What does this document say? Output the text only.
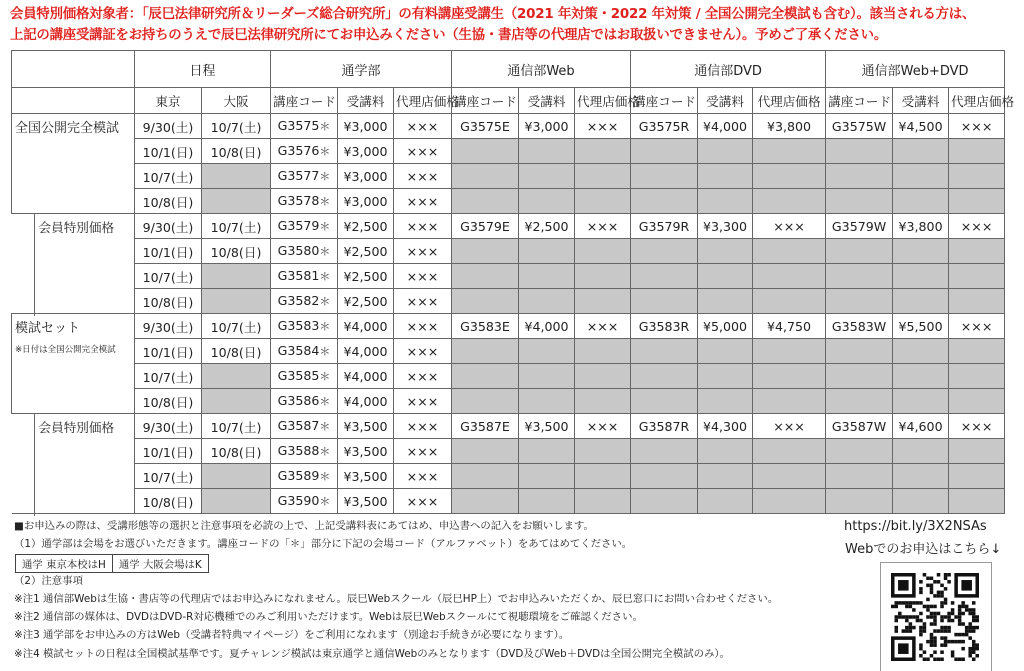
会員特別価格対象者：「辰巳法律研究所＆リーダーズ総合研究所」の有料講座受講生（2021 年対策・2022 年対策 / 全国公開完全模試も含む）。該当される方は、
上記の講座受講証をお持ちのうえで辰巳法律研究所にてお申込みください（生協・書店等の代理店ではお取扱いできません）。予めご了承ください。
	日程		通学部			通信部Web			通信部DVD			通信部Web+DVD		
	東京	大阪	講座コード	受講料	代理店価格	講座コード	受講料	代理店価格	講座コード	受講料	代理店価格	講座コード	受講料	代理店価格

全国公開完全模試	9/30(土)	10/7(土)	G3575＊	¥3,000	×××	G3575E	¥3,000	×××	G3575R	¥4,000	¥3,800	G3575W	¥4,500	×××
	10/1(日)	10/8(日)	G3576＊	¥3,000	×××									
	10/7(土)		G3577＊	¥3,000	×××									
	10/8(日)		G3578＊	¥3,000	×××									

会員特別価格	9/30(土)	10/7(土)	G3579＊	¥2,500	×××	G3579E	¥2,500	×××	G3579R	¥3,300	×××	G3579W	¥3,800	×××
	10/1(日)	10/8(日)	G3580＊	¥2,500	×××									
	10/7(土)		G3581＊	¥2,500	×××									
	10/8(日)		G3582＊	¥2,500	×××									

模試セット
※日付は全国公開完全模試	9/30(土)	10/7(土)	G3583＊	¥4,000	×××	G3583E	¥4,000	×××	G3583R	¥5,000	¥4,750	G3583W	¥5,500	×××
	10/1(日)	10/8(日)	G3584＊	¥4,000	×××									
	10/7(土)		G3585＊	¥4,000	×××									
	10/8(日)		G3586＊	¥4,000	×××									

会員特別価格	9/30(土)	10/7(土)	G3587＊	¥3,500	×××	G3587E	¥3,500	×××	G3587R	¥4,300	×××	G3587W	¥4,600	×××
	10/1(日)	10/8(日)	G3588＊	¥3,500	×××									
	10/7(土)		G3589＊	¥3,500	×××									
	10/8(日)		G3590＊	¥3,500	×××									
■お申込みの際は、受講形態等の選択と注意事項を必読の上で、上記受講料表にあてはめ、申込書への記入をお願いします。
（1）通学部は会場をお選びいただきます。講座コードの「＊」部分に下記の会場コード（アルファベット）をあてはめてください。
（2）注意事項
※注1 通信部Webは生協・書店等の代理店ではお申込みになれません。辰巳Webスクール（辰巳HP上）でお申込みいただくか、辰巳窓口にお問い合わせください。
※注2 通信部の媒体は、DVDはDVD-R対応機種でのみご利用いただけます。Webは辰巳Webスクールにて視聴環境をご確認ください。
※注3 通学部をお申込みの方はWeb（受講者特典マイページ）をご利用になれます（別途お手続きが必要になります）。
※注4 模試セットの日程は全国模試基準です。夏チャレンジ模試は東京通学と通信Webのみとなります（DVD及びWeb＋DVDは全国公開完全模試のみ）。
通学 東京本校はH	通学 大阪会場はK
https://bit.ly/3X2NSAs
Webでのお申込はこちら↓
